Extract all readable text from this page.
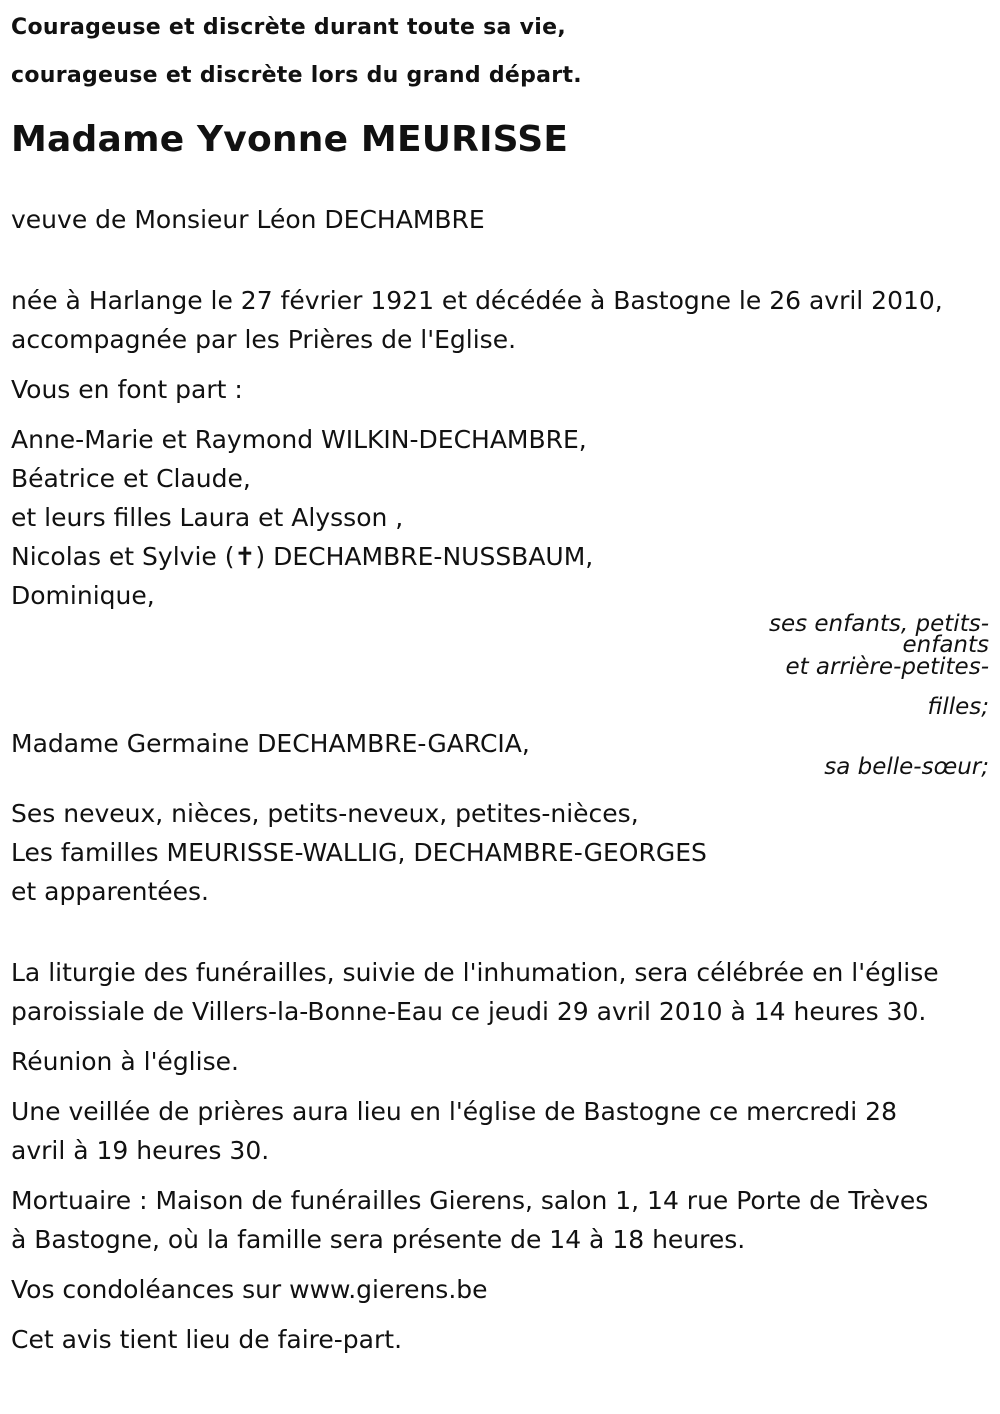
Courageuse et discrète durant toute sa vie,
courageuse et discrète lors du grand départ.
Madame Yvonne MEURISSE
veuve de Monsieur Léon DECHAMBRE
née à Harlange le 27 février 1921 et décédée à Bastogne le 26 avril 2010,
accompagnée par les Prières de l'Eglise.
Vous en font part :
Anne-Marie et Raymond WILKIN-DECHAMBRE,
Béatrice et Claude,
et leurs filles Laura et Alysson ,
Nicolas et Sylvie (✝) DECHAMBRE-NUSSBAUM,
Dominique,
ses enfants, petits-
enfants
et arrière-petites-
filles;
Madame Germaine DECHAMBRE-GARCIA,
sa belle-sœur;
Ses neveux, nièces, petits-neveux, petites-nièces,
Les familles MEURISSE-WALLIG, DECHAMBRE-GEORGES
et apparentées.
La liturgie des funérailles, suivie de l'inhumation, sera célébrée en l'église
paroissiale de Villers-la-Bonne-Eau ce jeudi 29 avril 2010 à 14 heures 30.
Réunion à l'église.
Une veillée de prières aura lieu en l'église de Bastogne ce mercredi 28
avril à 19 heures 30.
Mortuaire : Maison de funérailles Gierens, salon 1, 14 rue Porte de Trèves
à Bastogne, où la famille sera présente de 14 à 18 heures.
Vos condoléances sur www.gierens.be
Cet avis tient lieu de faire-part.
